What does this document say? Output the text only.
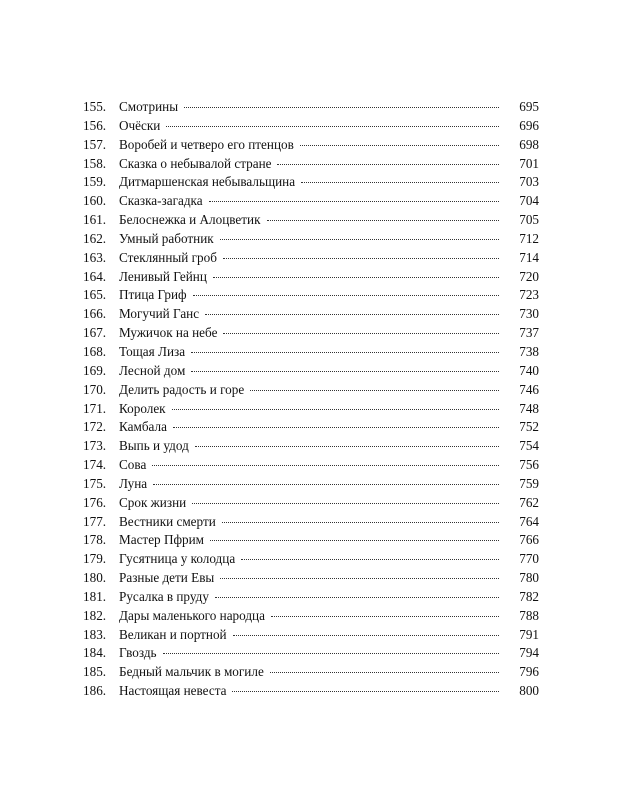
155. Смотрины	695
156. Очёски	696
157. Воробей и четверо его птенцов	698
158. Сказка о небывалой стране	701
159. Дитмаршенская небывальщина	703
160. Сказка-загадка	704
161. Белоснежка и Алоцветик	705
162. Умный работник	712
163. Стеклянный гроб	714
164. Ленивый Гейнц	720
165. Птица Гриф	723
166. Могучий Ганс	730
167. Мужичок на небе	737
168. Тощая Лиза	738
169. Лесной дом	740
170. Делить радость и горе	746
171. Королек	748
172. Камбала	752
173. Выпь и удод	754
174. Сова	756
175. Луна	759
176. Срок жизни	762
177. Вестники смерти	764
178. Мастер Пфрим	766
179. Гусятница у колодца	770
180. Разные дети Евы	780
181. Русалка в пруду	782
182. Дары маленького народца	788
183. Великан и портной	791
184. Гвоздь	794
185. Бедный мальчик в могиле	796
186. Настоящая невеста	800
